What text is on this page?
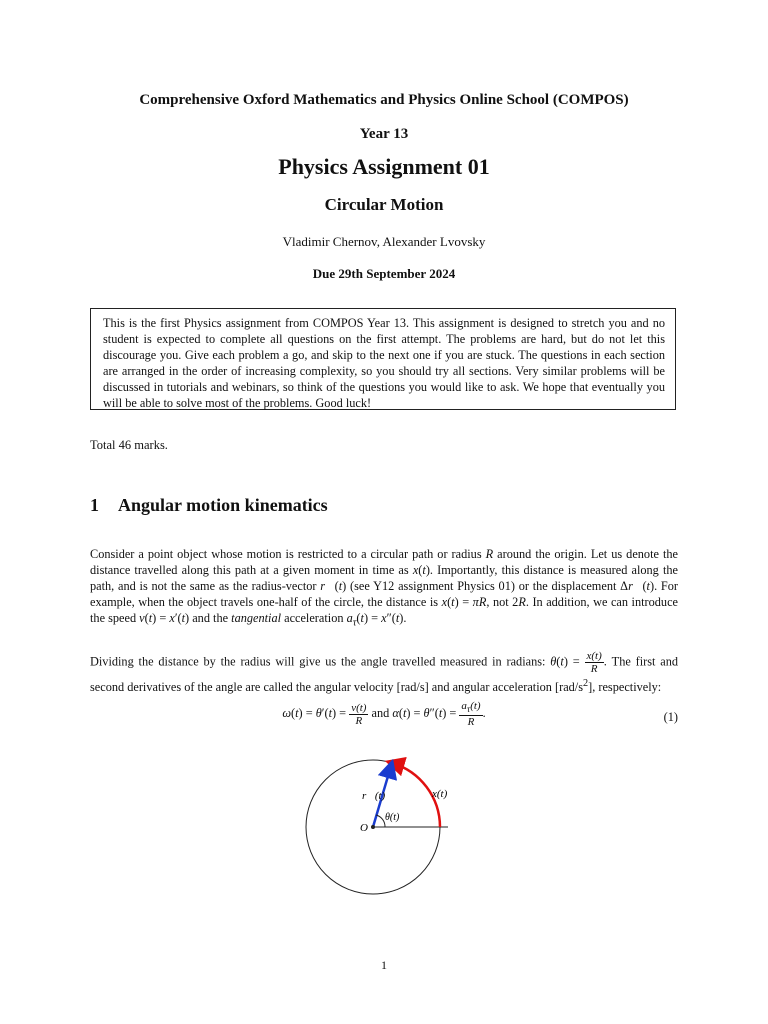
Comprehensive Oxford Mathematics and Physics Online School (COMPOS)
Year 13
Physics Assignment 01
Circular Motion
Vladimir Chernov, Alexander Lvovsky
Due 29th September 2024
This is the first Physics assignment from COMPOS Year 13. This assignment is designed to stretch you and no student is expected to complete all questions on the first attempt. The problems are hard, but do not let this discourage you. Give each problem a go, and skip to the next one if you are stuck. The questions in each section are arranged in the order of increasing complexity, so you should try all sections. Very similar problems will be discussed in tutorials and webinars, so think of the questions you would like to ask. We hope that eventually you will be able to solve most of the problems. Good luck!
Total 46 marks.
1 Angular motion kinematics
Consider a point object whose motion is restricted to a circular path or radius R around the origin. Let us denote the distance travelled along this path at a given moment in time as x(t). Importantly, this distance is measured along the path, and is not the same as the radius-vector r⃗(t) (see Y12 assignment Physics 01) or the displacement Δr⃗(t). For example, when the object travels one-half of the circle, the distance is x(t) = πR, not 2R. In addition, we can introduce the speed v(t) = x′(t) and the tangential acceleration $a_\tau(t) = x''(t)$.
Dividing the distance by the radius will give us the angle travelled measured in radians: $\theta(t) = \frac{x(t)}{R}$ . The first and second derivatives of the angle are called the angular velocity [rad/s] and angular acceleration $[rad/s^2]$, respectively:
$\omega(t) = \theta'(t) = \frac{v(t)}{R}$ and $\alpha(t) = \theta''(t) = \frac{a_\tau(t)}{R}$ .	(1)
r⃗(t)	x(t)
θ(t)
O
1
